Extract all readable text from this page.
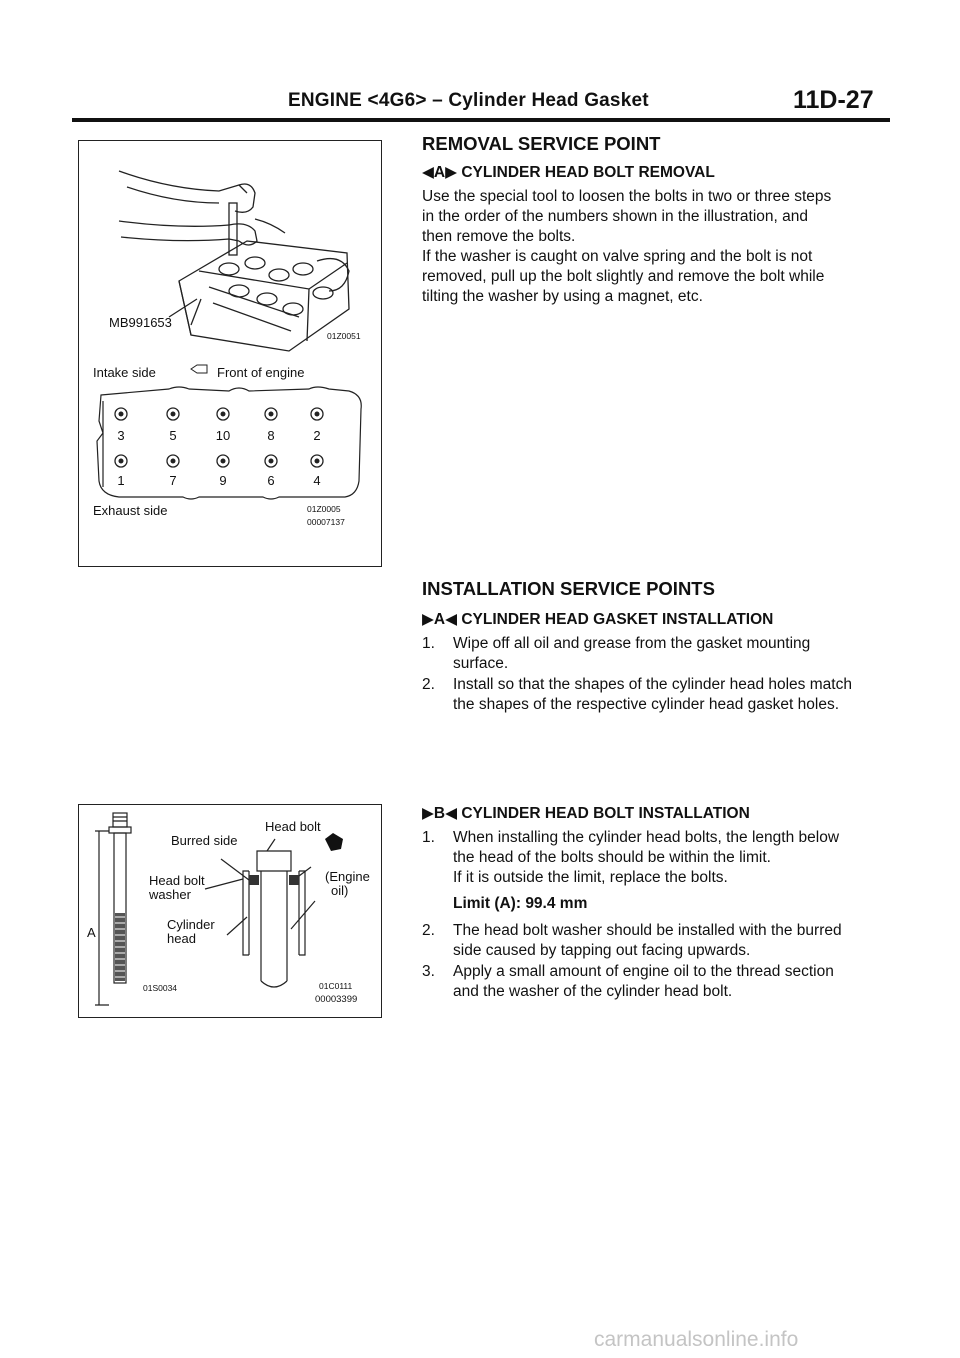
ENGINE <4G6> – Cylinder Head Gasket	11D-27
MB991653
01Z0051
Intake side	Front of engine
3	5	10	8	2
1	7	9	6	4
Exhaust side	01Z0005
00007137
A
Burred side
Head bolt
Head bolt
washer
(Engine
oil)
Cylinder
head
01S0034	01C0111
00003399
REMOVAL SERVICE POINT
◀A▶ CYLINDER HEAD BOLT REMOVAL

Use the special tool to loosen the bolts in two or three steps

in the order of the numbers shown in the illustration, and

then remove the bolts.

If the washer is caught on valve spring and the bolt is not

removed, pull up the bolt slightly and remove the bolt while

tilting the washer by using a magnet, etc.

INSTALLATION SERVICE POINTS
▶A◀ CYLINDER HEAD GASKET INSTALLATION
1. Wipe off all oil and grease from the gasket mounting
surface.
2. Install so that the shapes of the cylinder head holes match
the shapes of the respective cylinder head gasket holes.
▶B◀ CYLINDER HEAD BOLT INSTALLATION
1. When installing the cylinder head bolts, the length below
the head of the bolts should be within the limit.
If it is outside the limit, replace the bolts.
Limit (A): 99.4 mm
2. The head bolt washer should be installed with the burred
side caused by tapping out facing upwards.
3. Apply a small amount of engine oil to the thread section
and the washer of the cylinder head bolt.
carmanualsonline.info
